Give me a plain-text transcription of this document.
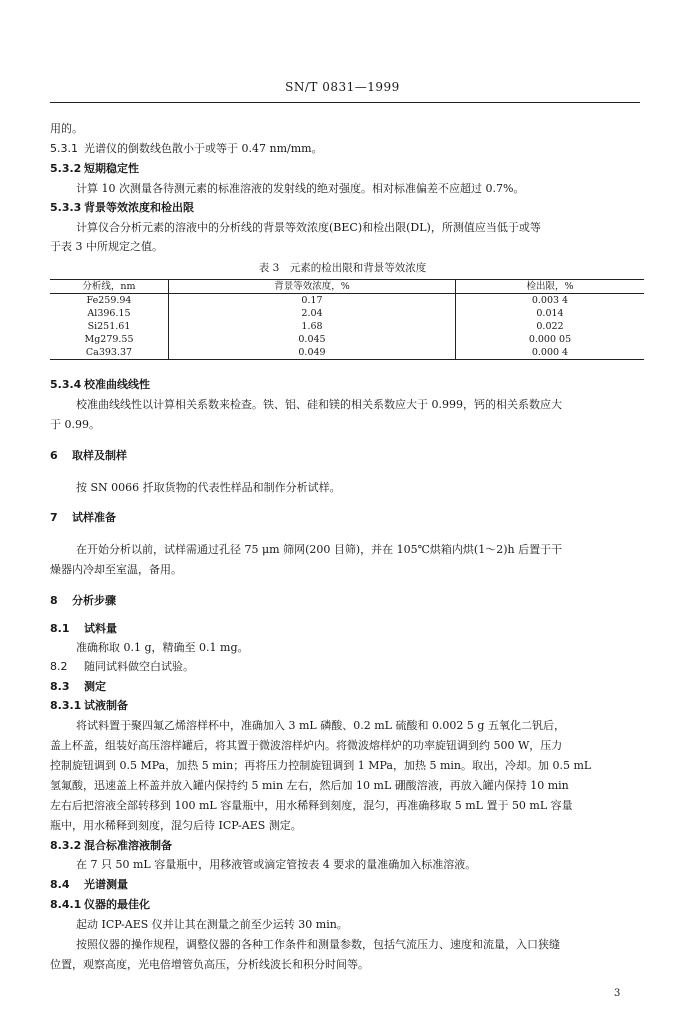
SN/T 0831—1999
用的。
5.3.1 光谱仪的倒数线色散小于或等于 0.47 nm/mm。
5.3.2 短期稳定性
计算 10 次测量各待测元素的标准溶液的发射线的绝对强度。相对标准偏差不应超过 0.7%。
5.3.3 背景等效浓度和检出限
计算仪合分析元素的溶液中的分析线的背景等效浓度(BEC)和检出限(DL)，所测值应当低于或等
于表 3 中所规定之值。
表 3　元素的检出限和背景等效浓度
分析线，nm	背景等效浓度，%	检出限，%
Fe259.94	0.17	0.003 4
Al396.15	2.04	0.014
Si251.61	1.68	0.022
Mg279.55	0.045	0.000 05
Ca393.37	0.049	0.000 4
5.3.4 校准曲线线性
校准曲线线性以计算相关系数来检查。铁、铝、硅和镁的相关系数应大于 0.999，钙的相关系数应大
于 0.99。
6 取样及制样
按 SN 0066 扦取货物的代表性样品和制作分析试样。
7 试样准备
在开始分析以前，试样需通过孔径 75 μm 筛网(200 目筛)，并在 105℃烘箱内烘(1～2)h 后置于干
燥器内冷却至室温，备用。
8 分析步骤
8.1 试料量
准确称取 0.1 g，精确至 0.1 mg。
8.2 随同试料做空白试验。
8.3 测定
8.3.1 试液制备
将试料置于聚四氟乙烯溶样杯中，准确加入 3 mL 磷酸、0.2 mL 硫酸和 0.002 5 g 五氧化二钒后，
盖上杯盖，组装好高压溶样罐后，将其置于微波溶样炉内。将微波熔样炉的功率旋钮调到约 500 W，压力
控制旋钮调到 0.5 MPa，加热 5 min；再将压力控制旋钮调到 1 MPa，加热 5 min。取出，冷却。加 0.5 mL
氢氟酸，迅速盖上杯盖并放入罐内保持约 5 min 左右，然后加 10 mL 硼酸溶液，再放入罐内保持 10 min
左右后把溶液全部转移到 100 mL 容量瓶中，用水稀释到刻度，混匀，再准确移取 5 mL 置于 50 mL 容量
瓶中，用水稀释到刻度，混匀后待 ICP-AES 测定。
8.3.2 混合标准溶液制备
在 7 只 50 mL 容量瓶中，用移液管或滴定管按表 4 要求的量准确加入标准溶液。
8.4 光谱测量
8.4.1 仪器的最佳化
起动 ICP-AES 仪并让其在测量之前至少运转 30 min。
按照仪器的操作规程，调整仪器的各种工作条件和测量参数，包括气流压力、速度和流量，入口狭缝
位置，观察高度，光电倍增管负高压，分析线波长和积分时间等。
3
